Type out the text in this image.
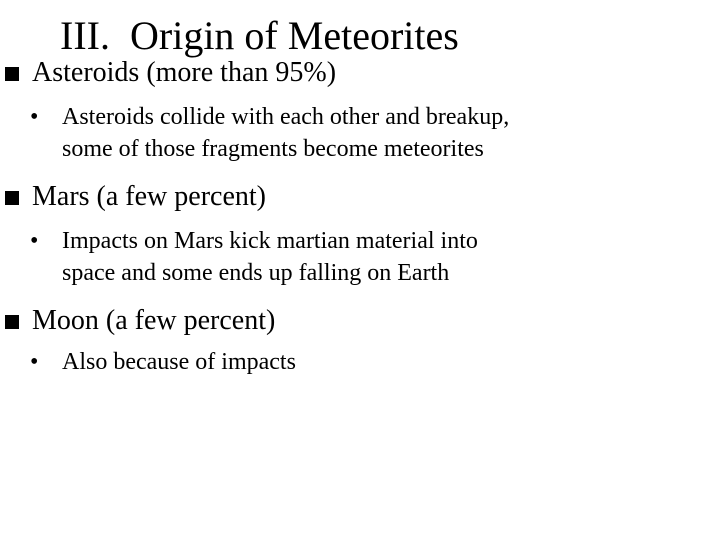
III. Origin of Meteorites
Asteroids (more than 95%)
• Asteroids collide with each other and breakup,
some of those fragments become meteorites
Mars (a few percent)
• Impacts on Mars kick martian material into
space and some ends up falling on Earth
Moon (a few percent)
• Also because of impacts
